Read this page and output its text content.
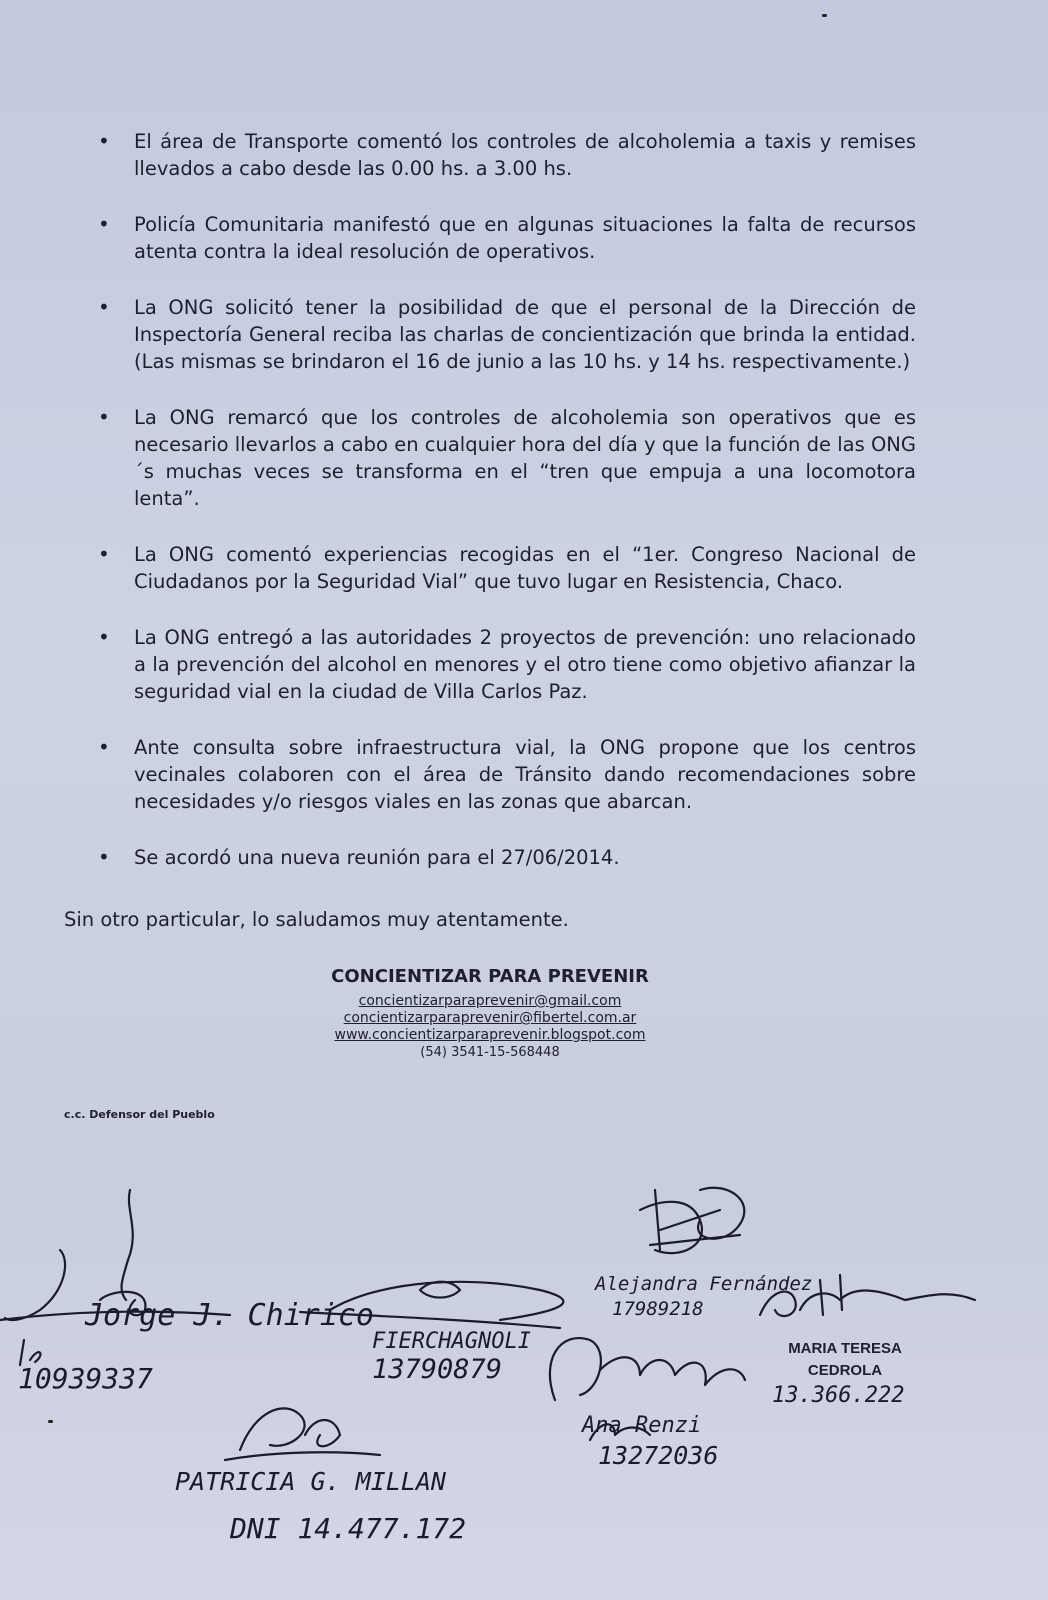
• El área de Transporte comentó los controles de alcoholemia a taxis y remises llevados a cabo desde las 0.00 hs. a 3.00 hs.
• Policía Comunitaria manifestó que en algunas situaciones la falta de recursos atenta contra la ideal resolución de operativos.
• La ONG solicitó tener la posibilidad de que el personal de la Dirección de Inspectoría General reciba las charlas de concientización que brinda la entidad. (Las mismas se brindaron el 16 de junio a las 10 hs. y 14 hs. respectivamente.)
• La ONG remarcó que los controles de alcoholemia son operativos que es necesario llevarlos a cabo en cualquier hora del día y que la función de las ONG´s muchas veces se transforma en el “tren que empuja a una locomotora lenta”.
• La ONG comentó experiencias recogidas en el “1er. Congreso Nacional de Ciudadanos por la Seguridad Vial” que tuvo lugar en Resistencia, Chaco.
• La ONG entregó a las autoridades 2 proyectos de prevención: uno relacionado a la prevención del alcohol en menores y el otro tiene como objetivo afianzar la seguridad vial en la ciudad de Villa Carlos Paz.
• Ante consulta sobre infraestructura vial, la ONG propone que los centros vecinales colaboren con el área de Tránsito dando recomendaciones sobre necesidades y/o riesgos viales en las zonas que abarcan.
• Se acordó una nueva reunión para el 27/06/2014.

Sin otro particular, lo saludamos muy atentamente.

CONCIENTIZAR PARA PREVENIR
concientizarparaprevenir@gmail.com
concientizarparaprevenir@fibertel.com.ar
www.concientizarparaprevenir.blogspot.com
(54) 3541-15-568448

c.c. Defensor del Pueblo

Jorge J. Chirico
10939337
FIERCHAGNOLI
13790879
Alejandra Fernández
17989218
13.366.222
Ana Renzi
13272036
PATRICIA G. MILLAN
DNI 14.477.172
MARIA TERESA
CEDROLA
